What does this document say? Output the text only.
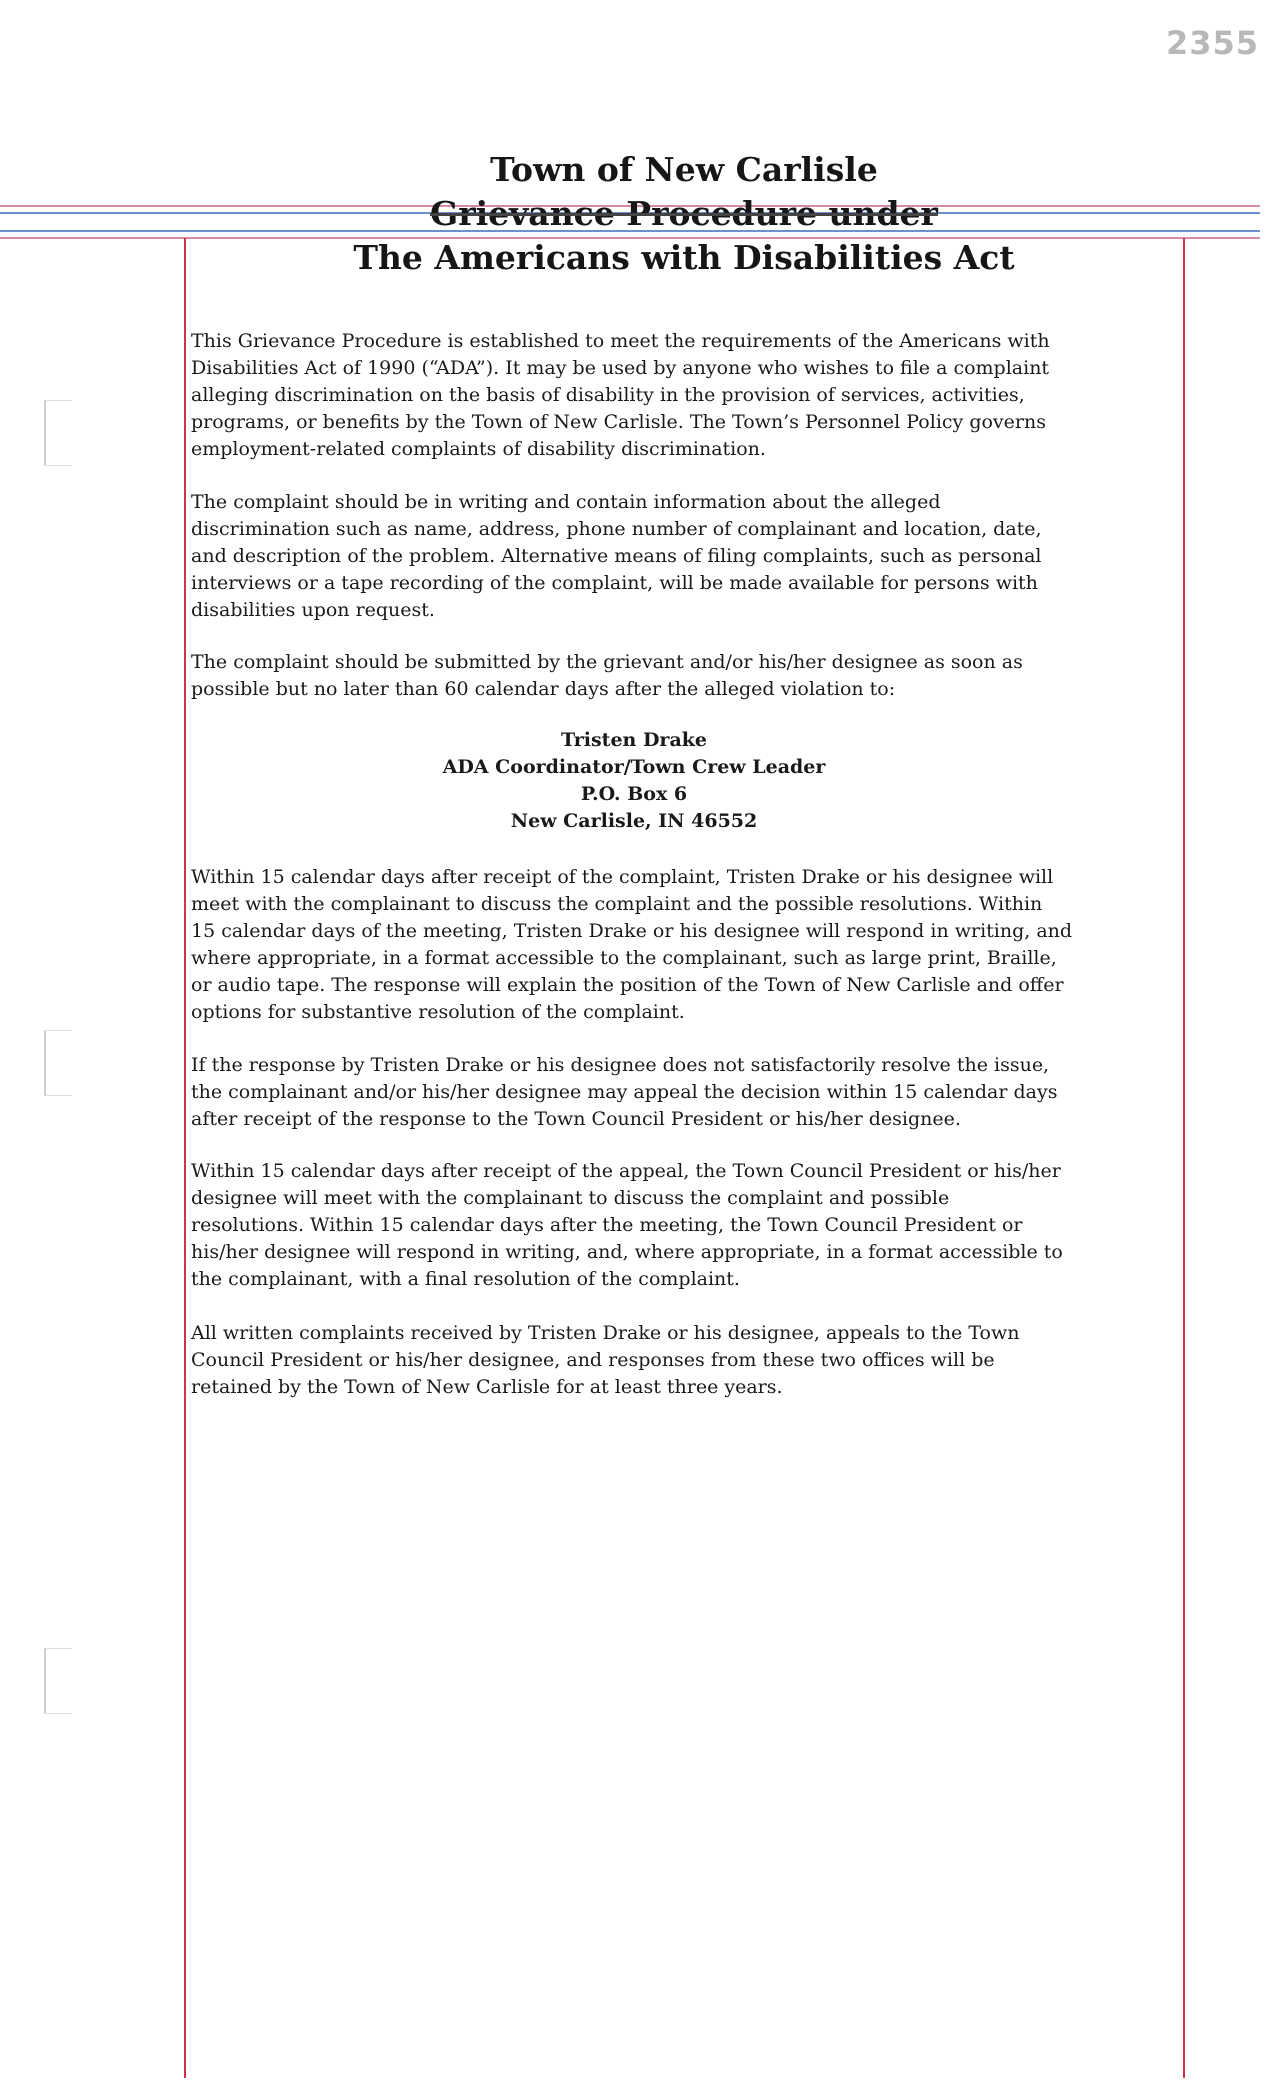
2355
Town of New Carlisle
Grievance Procedure under
The Americans with Disabilities Act

This Grievance Procedure is established to meet the requirements of the Americans with
Disabilities Act of 1990 (“ADA”). It may be used by anyone who wishes to file a complaint
alleging discrimination on the basis of disability in the provision of services, activities,
programs, or benefits by the Town of New Carlisle. The Town’s Personnel Policy governs
employment-related complaints of disability discrimination.

The complaint should be in writing and contain information about the alleged
discrimination such as name, address, phone number of complainant and location, date,
and description of the problem. Alternative means of filing complaints, such as personal
interviews or a tape recording of the complaint, will be made available for persons with
disabilities upon request.

The complaint should be submitted by the grievant and/or his/her designee as soon as
possible but no later than 60 calendar days after the alleged violation to:

Tristen Drake
ADA Coordinator/Town Crew Leader
P.O. Box 6
New Carlisle, IN 46552

Within 15 calendar days after receipt of the complaint, Tristen Drake or his designee will
meet with the complainant to discuss the complaint and the possible resolutions. Within
15 calendar days of the meeting, Tristen Drake or his designee will respond in writing, and
where appropriate, in a format accessible to the complainant, such as large print, Braille,
or audio tape. The response will explain the position of the Town of New Carlisle and offer
options for substantive resolution of the complaint.

If the response by Tristen Drake or his designee does not satisfactorily resolve the issue,
the complainant and/or his/her designee may appeal the decision within 15 calendar days
after receipt of the response to the Town Council President or his/her designee.

Within 15 calendar days after receipt of the appeal, the Town Council President or his/her
designee will meet with the complainant to discuss the complaint and possible
resolutions. Within 15 calendar days after the meeting, the Town Council President or
his/her designee will respond in writing, and, where appropriate, in a format accessible to
the complainant, with a final resolution of the complaint.

All written complaints received by Tristen Drake or his designee, appeals to the Town
Council President or his/her designee, and responses from these two offices will be
retained by the Town of New Carlisle for at least three years.
